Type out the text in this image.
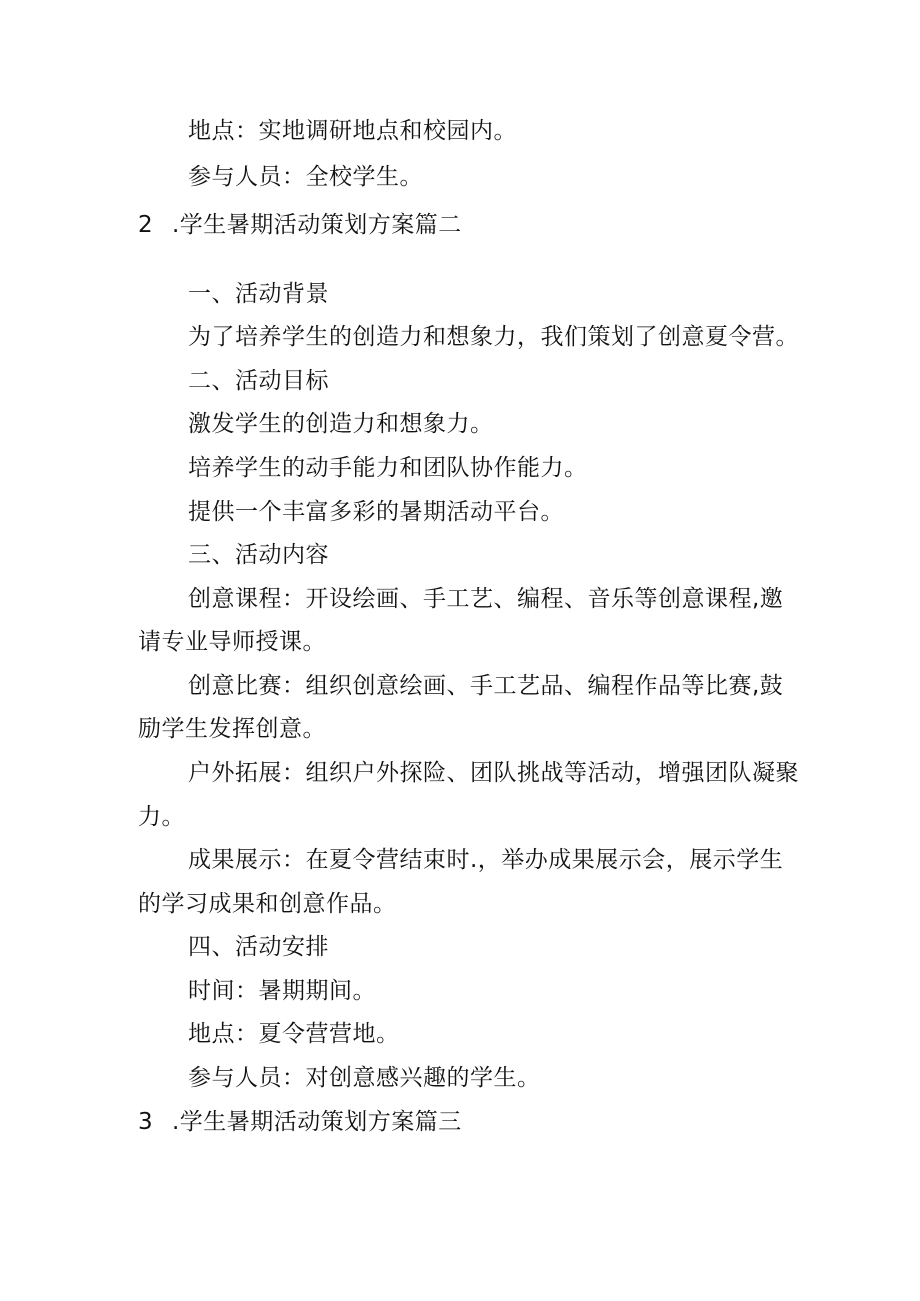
地点：实地调研地点和校园内。

参与人员：全校学生。

2 .学生暑期活动策划方案篇二

一、活动背景

为了培养学生的创造力和想象力，我们策划了创意夏令营。

二、活动目标

激发学生的创造力和想象力。

培养学生的动手能力和团队协作能力。

提供一个丰富多彩的暑期活动平台。

三、活动内容

创意课程：开设绘画、手工艺、编程、音乐等创意课程,邀

请专业导师授课。

创意比赛：组织创意绘画、手工艺品、编程作品等比赛,鼓

励学生发挥创意。

户外拓展：组织户外探险、团队挑战等活动，增强团队凝聚

力。

成果展示：在夏令营结束时.，举办成果展示会，展示学生

的学习成果和创意作品。

四、活动安排

时间：暑期期间。

地点：夏令营营地。

参与人员：对创意感兴趣的学生。

3 .学生暑期活动策划方案篇三
